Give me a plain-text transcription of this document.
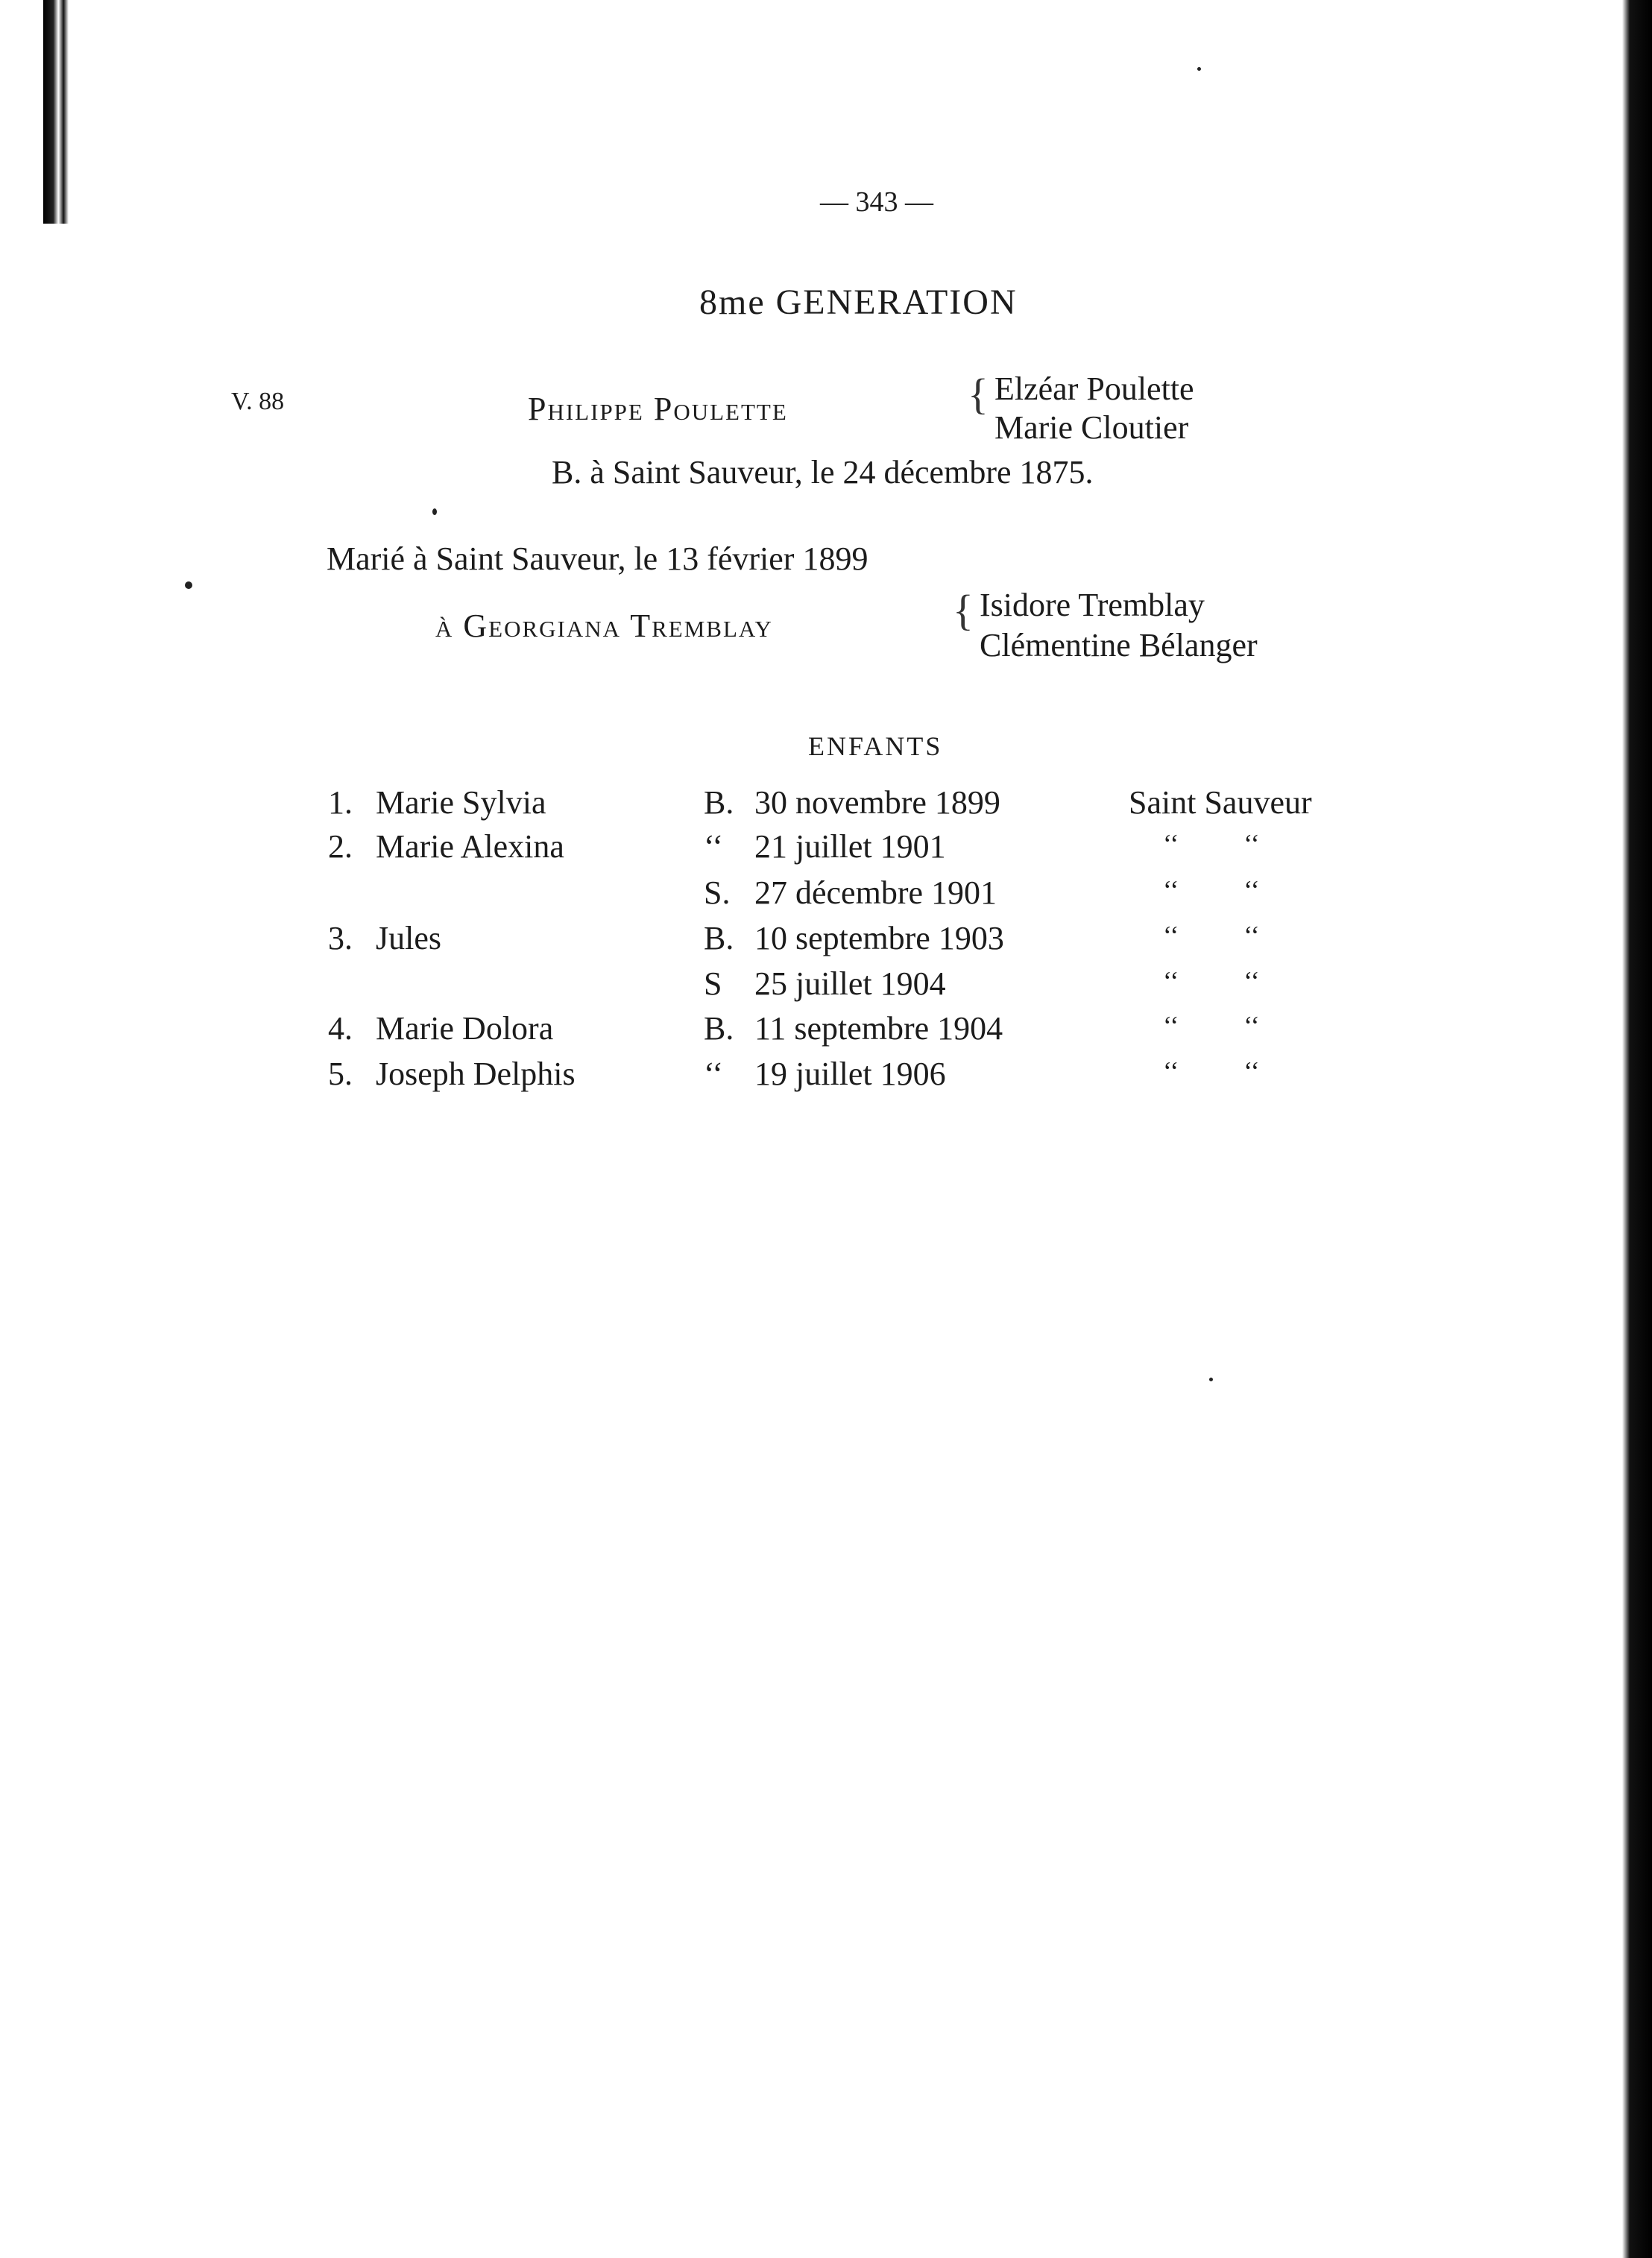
— 343 —
8me GENERATION
V. 88	Philippe Poulette	{ Elzéar Poulette
Marie Cloutier
B. à Saint Sauveur, le 24 décembre 1875.
Marié à Saint Sauveur, le 13 février 1899
à Georgiana Tremblay	{ Isidore Tremblay
Clémentine Bélanger
ENFANTS
1. Marie Sylvia	B. 30 novembre 1899	Saint Sauveur
2. Marie Alexina	‘‘ 21 juillet 1901	‘‘ ‘‘
S. 27 décembre 1901	‘‘ ‘‘
3. Jules	B. 10 septembre 1903	‘‘ ‘‘
S 25 juillet 1904	‘‘ ‘‘
4. Marie Dolora	B. 11 septembre 1904	‘‘ ‘‘
5. Joseph Delphis	‘‘ 19 juillet 1906	‘‘ ‘‘
